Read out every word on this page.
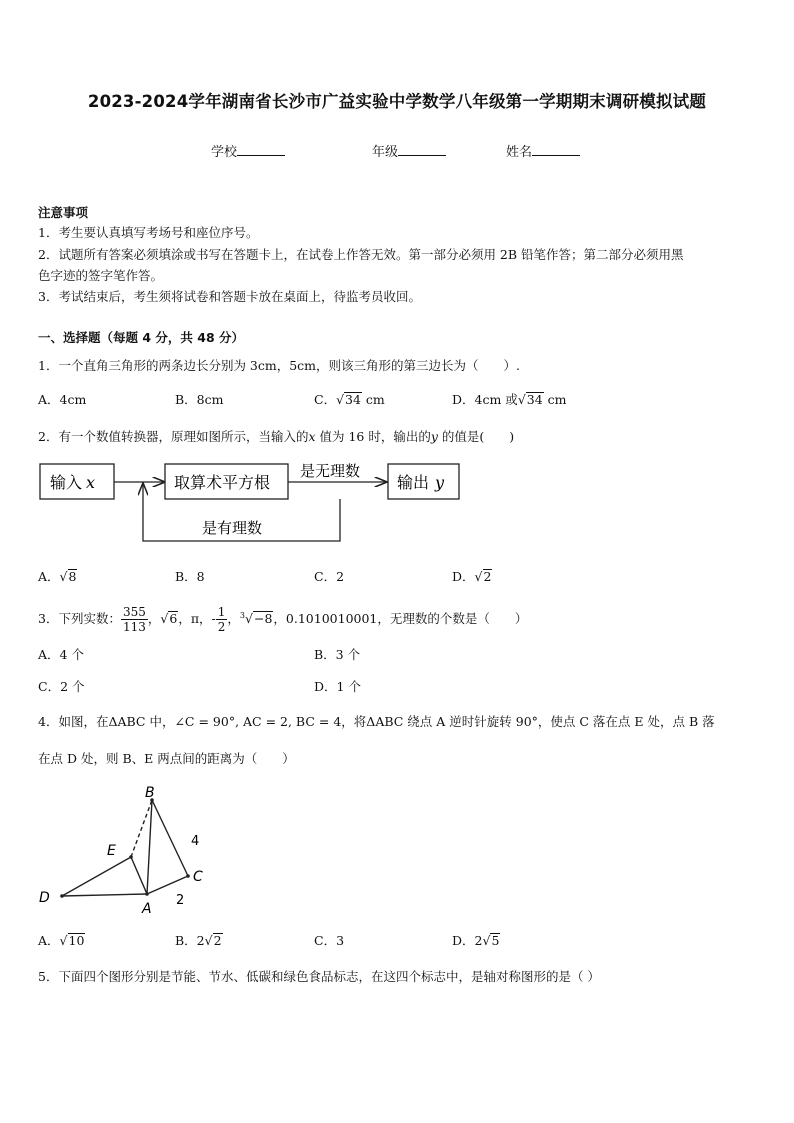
2023-2024学年湖南省长沙市广益实验中学数学八年级第一学期期末调研模拟试题
学校	年级	姓名
注意事项
1．考生要认真填写考场号和座位序号。
2．试题所有答案必须填涂或书写在答题卡上，在试卷上作答无效。第一部分必须用 2B 铅笔作答；第二部分必须用黑
色字迹的签字笔作答。
3．考试结束后，考生须将试卷和答题卡放在桌面上，待监考员收回。
一、选择题（每题 4 分，共 48 分）
1．一个直角三角形的两条边长分别为 3cm，5cm，则该三角形的第三边长为（　　）.
A．4cm	B．8cm	C．√34 cm	D．4cm 或√34 cm
2．有一个数值转换器，原理如图所示，当输入的x 值为 16 时，输出的y 的值是(　　)
输入 x	取算术平方根
是无理数
输出 y
是有理数
A．√8	B．8	C．2	D．√2
3．下列实数： $\frac{355}{113}$ ，√6，π，- $\frac{1}{2}$ ，$^3$√−8，0.1010010001，无理数的个数是（　　）
A．4 个	B．3 个
C．2 个	D．1 个
4．如图，在ΔABC 中，∠C = 90°, AC = 2, BC = 4，将ΔABC 绕点 A 逆时针旋转 90°，使点 C 落在点 E 处，点 B 落
在点 D 处，则 B、E 两点间的距离为（　　）
B
E
C
D
A
4
2
A．√10	B．2√2	C．3	D．2√5
5．下面四个图形分别是节能、节水、低碳和绿色食品标志，在这四个标志中，是轴对称图形的是（ ）
